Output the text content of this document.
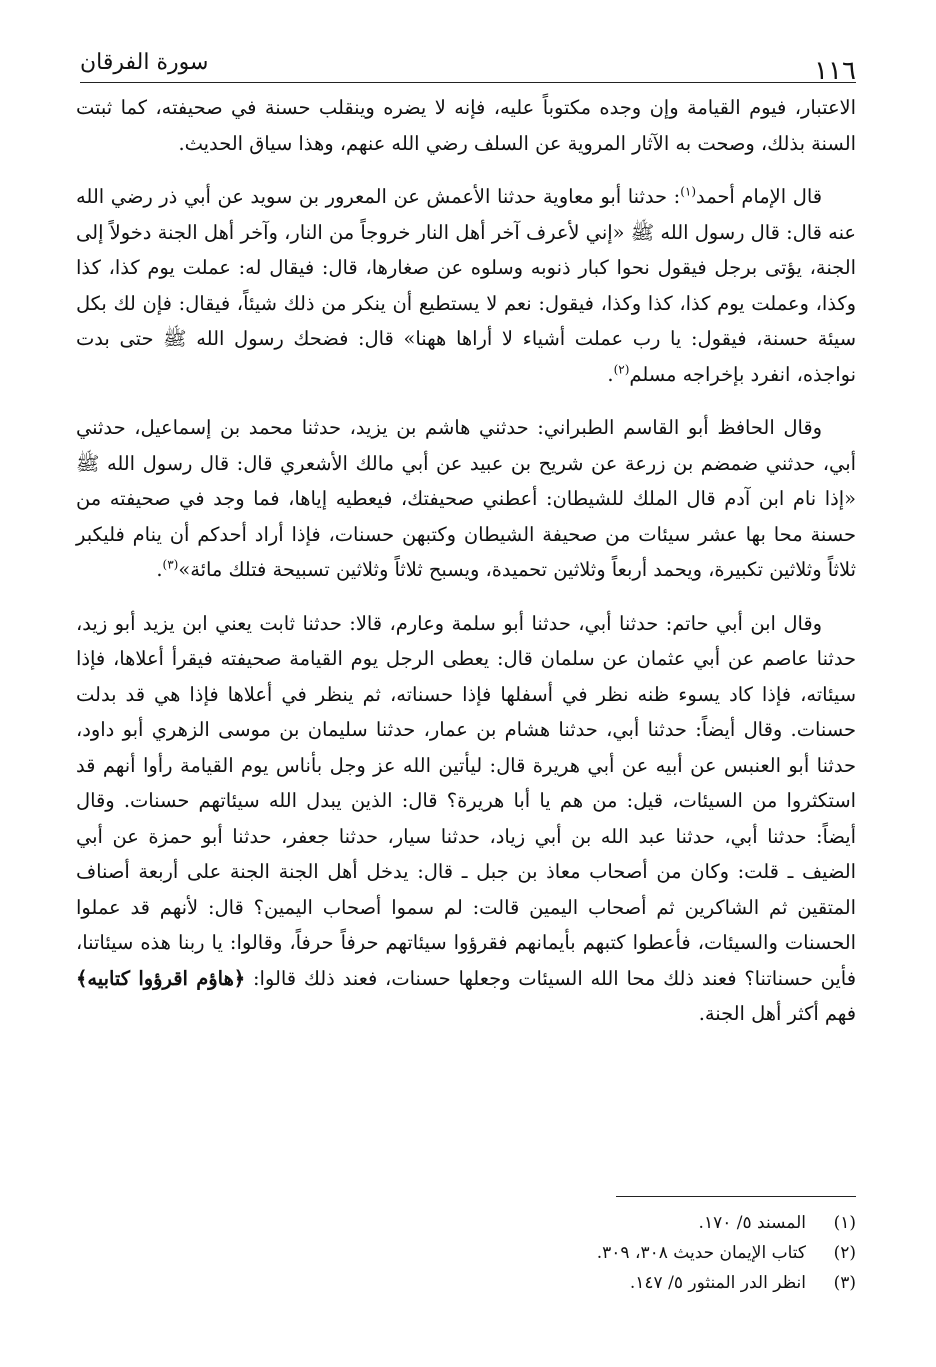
١١٦
سورة الفرقان

الاعتبار، فيوم القيامة وإن وجده مكتوباً عليه، فإنه لا يضره وينقلب حسنة في صحيفته، كما ثبتت السنة بذلك، وصحت به الآثار المروية عن السلف رضي الله عنهم، وهذا سياق الحديث.

قال الإمام أحمد$^{(١)}$: حدثنا أبو معاوية حدثنا الأعمش عن المعرور بن سويد عن أبي ذر رضي الله عنه قال: قال رسول الله ﷺ «إني لأعرف آخر أهل النار خروجاً من النار، وآخر أهل الجنة دخولاً إلى الجنة، يؤتى برجل فيقول نحوا كبار ذنوبه وسلوه عن صغارها، قال: فيقال له: عملت يوم كذا، كذا وكذا، وعملت يوم كذا، كذا وكذا، فيقول: نعم لا يستطيع أن ينكر من ذلك شيئاً، فيقال: فإن لك بكل سيئة حسنة، فيقول: يا رب عملت أشياء لا أراها ههنا» قال: فضحك رسول الله ﷺ حتى بدت نواجذه، انفرد بإخراجه مسلم$^{(٢)}$.

وقال الحافظ أبو القاسم الطبراني: حدثني هاشم بن يزيد، حدثنا محمد بن إسماعيل، حدثني أبي، حدثني ضمضم بن زرعة عن شريح بن عبيد عن أبي مالك الأشعري قال: قال رسول الله ﷺ «إذا نام ابن آدم قال الملك للشيطان: أعطني صحيفتك، فيعطيه إياها، فما وجد في صحيفته من حسنة محا بها عشر سيئات من صحيفة الشيطان وكتبهن حسنات، فإذا أراد أحدكم أن ينام فليكبر ثلاثاً وثلاثين تكبيرة، ويحمد أربعاً وثلاثين تحميدة، ويسبح ثلاثاً وثلاثين تسبيحة فتلك مائة»$^{(٣)}$.

وقال ابن أبي حاتم: حدثنا أبي، حدثنا أبو سلمة وعارم، قالا: حدثنا ثابت يعني ابن يزيد أبو زيد، حدثنا عاصم عن أبي عثمان عن سلمان قال: يعطى الرجل يوم القيامة صحيفته فيقرأ أعلاها، فإذا سيئاته، فإذا كاد يسوء ظنه نظر في أسفلها فإذا حسناته، ثم ينظر في أعلاها فإذا هي قد بدلت حسنات. وقال أيضاً: حدثنا أبي، حدثنا هشام بن عمار، حدثنا سليمان بن موسى الزهري أبو داود، حدثنا أبو العنبس عن أبيه عن أبي هريرة قال: ليأتين الله عز وجل بأناس يوم القيامة رأوا أنهم قد استكثروا من السيئات، قيل: من هم يا أبا هريرة؟ قال: الذين يبدل الله سيئاتهم حسنات. وقال أيضاً: حدثنا أبي، حدثنا عبد الله بن أبي زياد، حدثنا سيار، حدثنا جعفر، حدثنا أبو حمزة عن أبي الضيف ـ قلت: وكان من أصحاب معاذ بن جبل ـ قال: يدخل أهل الجنة الجنة على أربعة أصناف المتقين ثم الشاكرين ثم أصحاب اليمين قالت: لم سموا أصحاب اليمين؟ قال: لأنهم قد عملوا الحسنات والسيئات، فأعطوا كتبهم بأيمانهم فقرؤوا سيئاتهم حرفاً حرفاً، وقالوا: يا ربنا هذه سيئاتنا، فأين حسناتنا؟ فعند ذلك محا الله السيئات وجعلها حسنات، فعند ذلك قالوا: ﴿هاؤم اقرؤوا كتابيه﴾ فهم أكثر أهل الجنة.

(١)
المسند ٥/ ١٧٠.
(٢)
كتاب الإيمان حديث ٣٠٨، ٣٠٩.
(٣)
انظر الدر المنثور ٥/ ١٤٧.
